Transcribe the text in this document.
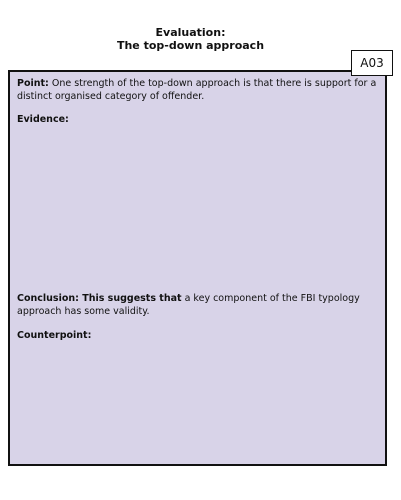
Evaluation:
The top-down approach
A03
Point: One strength of the top-down approach is that there is support for a distinct organised category of offender.
Evidence:
Conclusion: This suggests that a key component of the FBI typology approach has some validity.
Counterpoint:
